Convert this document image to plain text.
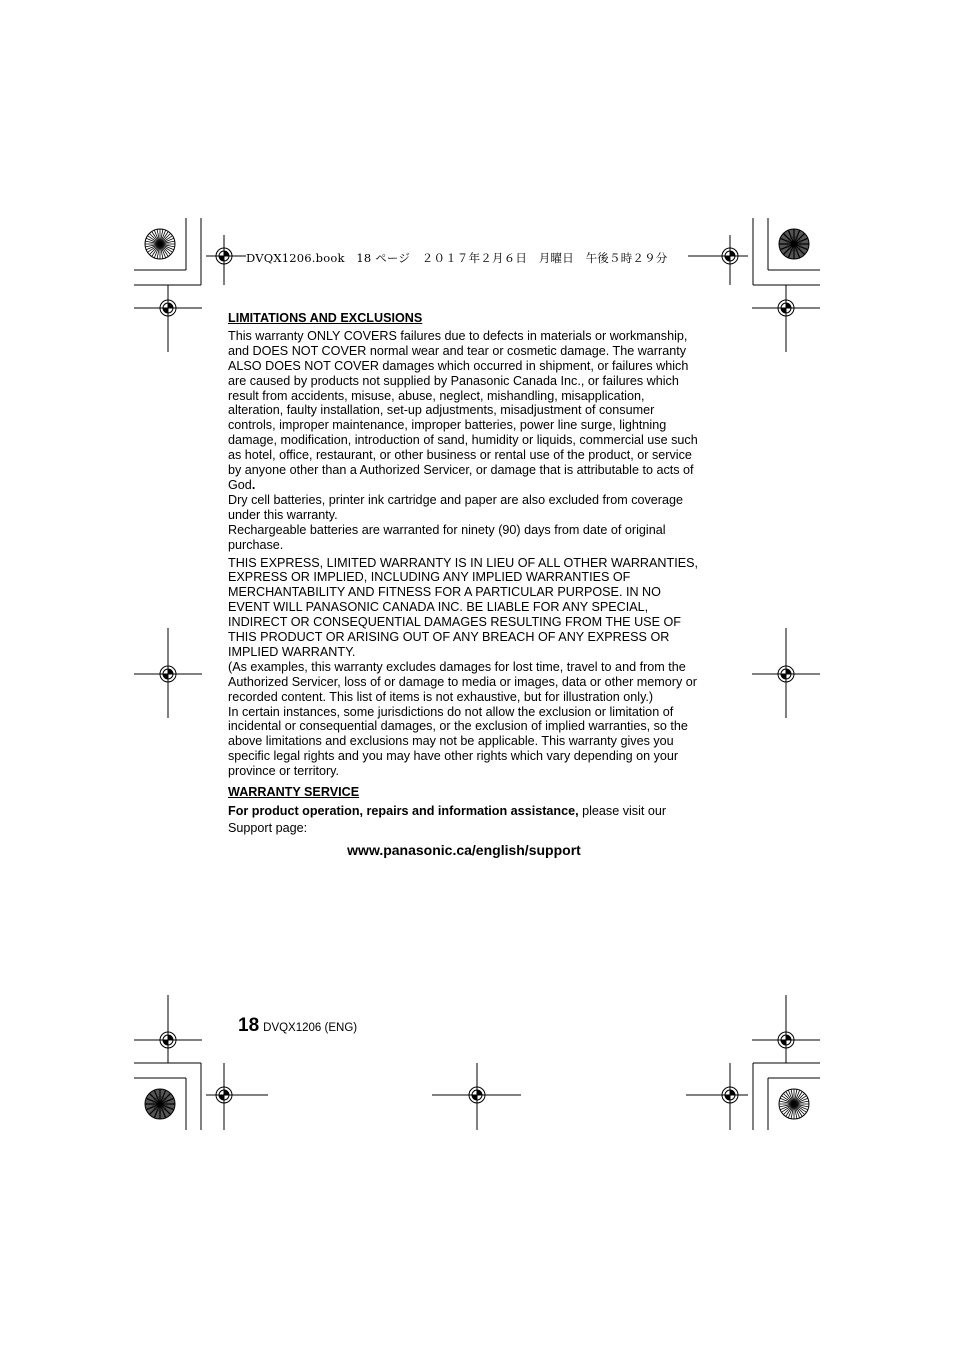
DVQX1206.book　18 ページ　２０１７年２月６日　月曜日　午後５時２９分
LIMITATIONS AND EXCLUSIONS

This warranty ONLY COVERS failures due to defects in materials or workmanship, and DOES NOT COVER normal wear and tear or cosmetic damage. The warranty ALSO DOES NOT COVER damages which occurred in shipment, or failures which are caused by products not supplied by Panasonic Canada Inc., or failures which result from accidents, misuse, abuse, neglect, mishandling, misapplication, alteration, faulty installation, set-up adjustments, misadjustment of consumer controls, improper maintenance, improper batteries, power line surge, lightning damage, modification, introduction of sand, humidity or liquids, commercial use such as hotel, office, restaurant, or other business or rental use of the product, or service by anyone other than a Authorized Servicer, or damage that is attributable to acts of God.

Dry cell batteries, printer ink cartridge and paper are also excluded from coverage under this warranty.

Rechargeable batteries are warranted for ninety (90) days from date of original purchase.

THIS EXPRESS, LIMITED WARRANTY IS IN LIEU OF ALL OTHER WARRANTIES, EXPRESS OR IMPLIED, INCLUDING ANY IMPLIED WARRANTIES OF MERCHANTABILITY AND FITNESS FOR A PARTICULAR PURPOSE. IN NO EVENT WILL PANASONIC CANADA INC. BE LIABLE FOR ANY SPECIAL, INDIRECT OR CONSEQUENTIAL DAMAGES RESULTING FROM THE USE OF THIS PRODUCT OR ARISING OUT OF ANY BREACH OF ANY EXPRESS OR IMPLIED WARRANTY.

(As examples, this warranty excludes damages for lost time, travel to and from the Authorized Servicer, loss of or damage to media or images, data or other memory or recorded content. This list of items is not exhaustive, but for illustration only.)

In certain instances, some jurisdictions do not allow the exclusion or limitation of incidental or consequential damages, or the exclusion of implied warranties, so the above limitations and exclusions may not be applicable. This warranty gives you specific legal rights and you may have other rights which vary depending on your province or territory.

WARRANTY SERVICE

For product operation, repairs and information assistance, please visit our Support page:

www.panasonic.ca/english/support
18 DVQX1206 (ENG)
